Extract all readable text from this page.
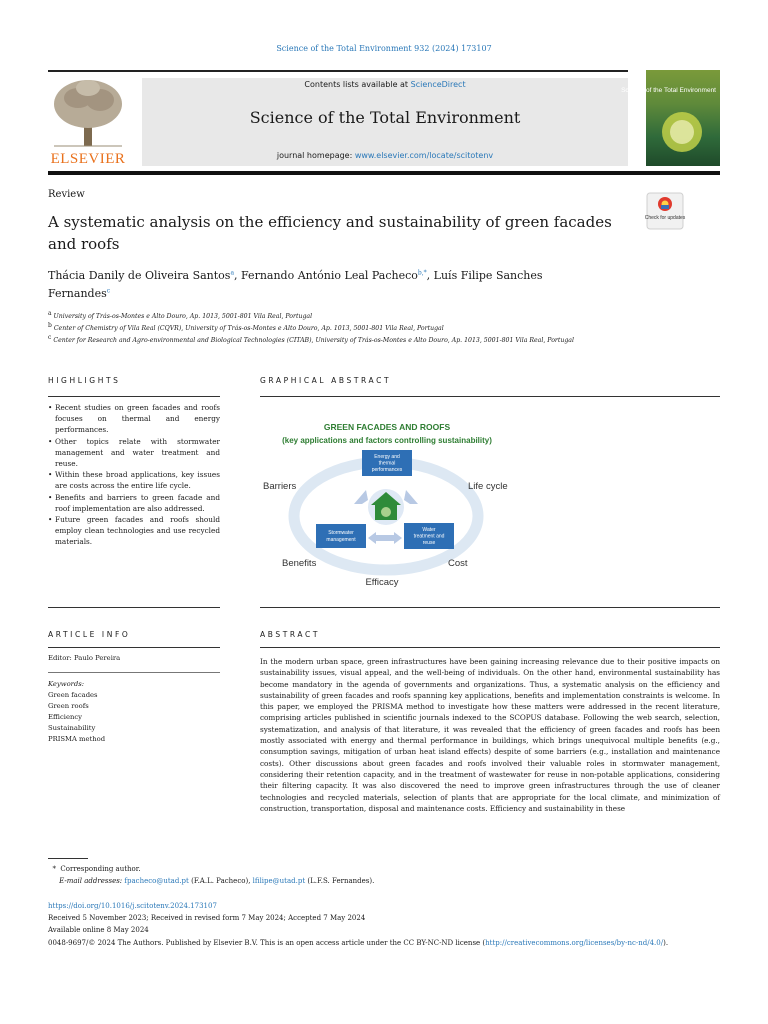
Science of the Total Environment 932 (2024) 173107
ELSEVIER
Contents lists available at ScienceDirect
Science of the Total Environment
journal homepage: www.elsevier.com/locate/scitotenv
Science of the Total Environment
Review
A systematic analysis on the efficiency and sustainability of green facades and roofs
Check for updates
Thácia Danily de Oliveira Santos$^a$, Fernando António Leal Pacheco$^{b,*}$, Luís Filipe Sanches Fernandes$^c$
$^a$ University of Trás-os-Montes e Alto Douro, Ap. 1013, 5001-801 Vila Real, Portugal
$^b$ Center of Chemistry of Vila Real (CQVR), University of Trás-os-Montes e Alto Douro, Ap. 1013, 5001-801 Vila Real, Portugal
$^c$ Center for Research and Agro-environmental and Biological Technologies (CITAB), University of Trás-os-Montes e Alto Douro, Ap. 1013, 5001-801 Vila Real, Portugal
HIGHLIGHTS	GRAPHICAL ABSTRACT
• Recent studies on green facades and roofs focuses on thermal and energy performances.
• Other topics relate with stormwater management and water treatment and reuse.
• Within these broad applications, key issues are costs across the entire life cycle.
• Benefits and barriers to green facade and roof implementation are also addressed.
• Future green facades and roofs should employ clean technologies and use recycled materials.
GREEN FACADES AND ROOFS
(key applications and factors controlling sustainability)
Energy and
thermal
performances
Stormwater
management
Water
treatment and
reuse
Barriers	Life cycle
Benefits	Cost
Efficacy
ARTICLE INFO	ABSTRACT
Editor: Paulo Pereira
Keywords:
Green facades
Green roofs
Efficiency
Sustainability
PRISMA method
In the modern urban space, green infrastructures have been gaining increasing relevance due to their positive impacts on sustainability issues, visual appeal, and the well-being of individuals. On the other hand, environmental sustainability has become mandatory in the agenda of governments and organizations. Thus, a systematic analysis on the efficiency and sustainability of green facades and roofs spanning key applications, benefits and implementation constraints is welcome. In this paper, we employed the PRISMA method to investigate how these matters were addressed in the recent literature, comprising articles published in scientific journals indexed to the SCOPUS database. Following the web search, selection, systematization, and analysis of that literature, it was revealed that the efficiency of green facades and roofs has been mostly associated with energy and thermal performance in buildings, which brings unequivocal multiple benefits (e.g., consumption savings, mitigation of urban heat island effects) despite of some barriers (e.g., installation and maintenance costs). Other discussions about green facades and roofs involved their valuable roles in stormwater management, considering their retention capacity, and in the treatment of wastewater for reuse in non-potable applications, considering their filtering capacity. It was also discovered the need to improve green infrastructures through the use of cleaner technologies and recycled materials, selection of plants that are appropriate for the local climate, and minimization of construction, transportation, disposal and maintenance costs. Efficiency and sustainability in these
*  Corresponding author.
E-mail addresses: fpacheco@utad.pt (F.A.L. Pacheco), lfilipe@utad.pt (L.F.S. Fernandes).
https://doi.org/10.1016/j.scitotenv.2024.173107
Received 5 November 2023; Received in revised form 7 May 2024; Accepted 7 May 2024
Available online 8 May 2024
0048-9697/© 2024 The Authors. Published by Elsevier B.V. This is an open access article under the CC BY-NC-ND license (http://creativecommons.org/licenses/by-nc-nd/4.0/).
